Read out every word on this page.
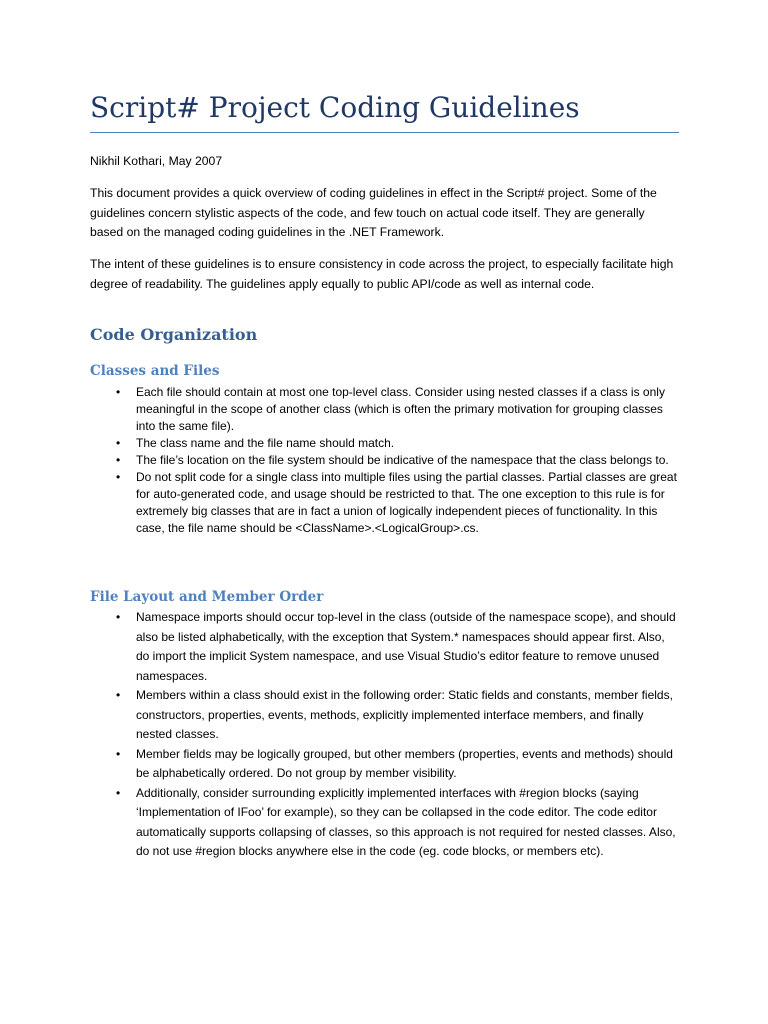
Script# Project Coding Guidelines

Nikhil Kothari, May 2007

This document provides a quick overview of coding guidelines in effect in the Script# project. Some of the guidelines concern stylistic aspects of the code, and few touch on actual code itself. They are generally based on the managed coding guidelines in the .NET Framework.

The intent of these guidelines is to ensure consistency in code across the project, to especially facilitate high degree of readability. The guidelines apply equally to public API/code as well as internal code.

Code Organization
Classes and Files
• Each file should contain at most one top-level class. Consider using nested classes if a class is only meaningful in the scope of another class (which is often the primary motivation for grouping classes into the same file).
• The class name and the file name should match.
• The file’s location on the file system should be indicative of the namespace that the class belongs to.
• Do not split code for a single class into multiple files using the partial classes. Partial classes are great for auto-generated code, and usage should be restricted to that. The one exception to this rule is for extremely big classes that are in fact a union of logically independent pieces of functionality. In this case, the file name should be <ClassName>.<LogicalGroup>.cs.
File Layout and Member Order
• Namespace imports should occur top-level in the class (outside of the namespace scope), and should also be listed alphabetically, with the exception that System.* namespaces should appear first. Also, do import the implicit System namespace, and use Visual Studio’s editor feature to remove unused namespaces.
• Members within a class should exist in the following order: Static fields and constants, member fields, constructors, properties, events, methods, explicitly implemented interface members, and finally nested classes.
• Member fields may be logically grouped, but other members (properties, events and methods) should be alphabetically ordered. Do not group by member visibility.
• Additionally, consider surrounding explicitly implemented interfaces with #region blocks (saying ‘Implementation of IFoo’ for example), so they can be collapsed in the code editor. The code editor automatically supports collapsing of classes, so this approach is not required for nested classes. Also, do not use #region blocks anywhere else in the code (eg. code blocks, or members etc).
